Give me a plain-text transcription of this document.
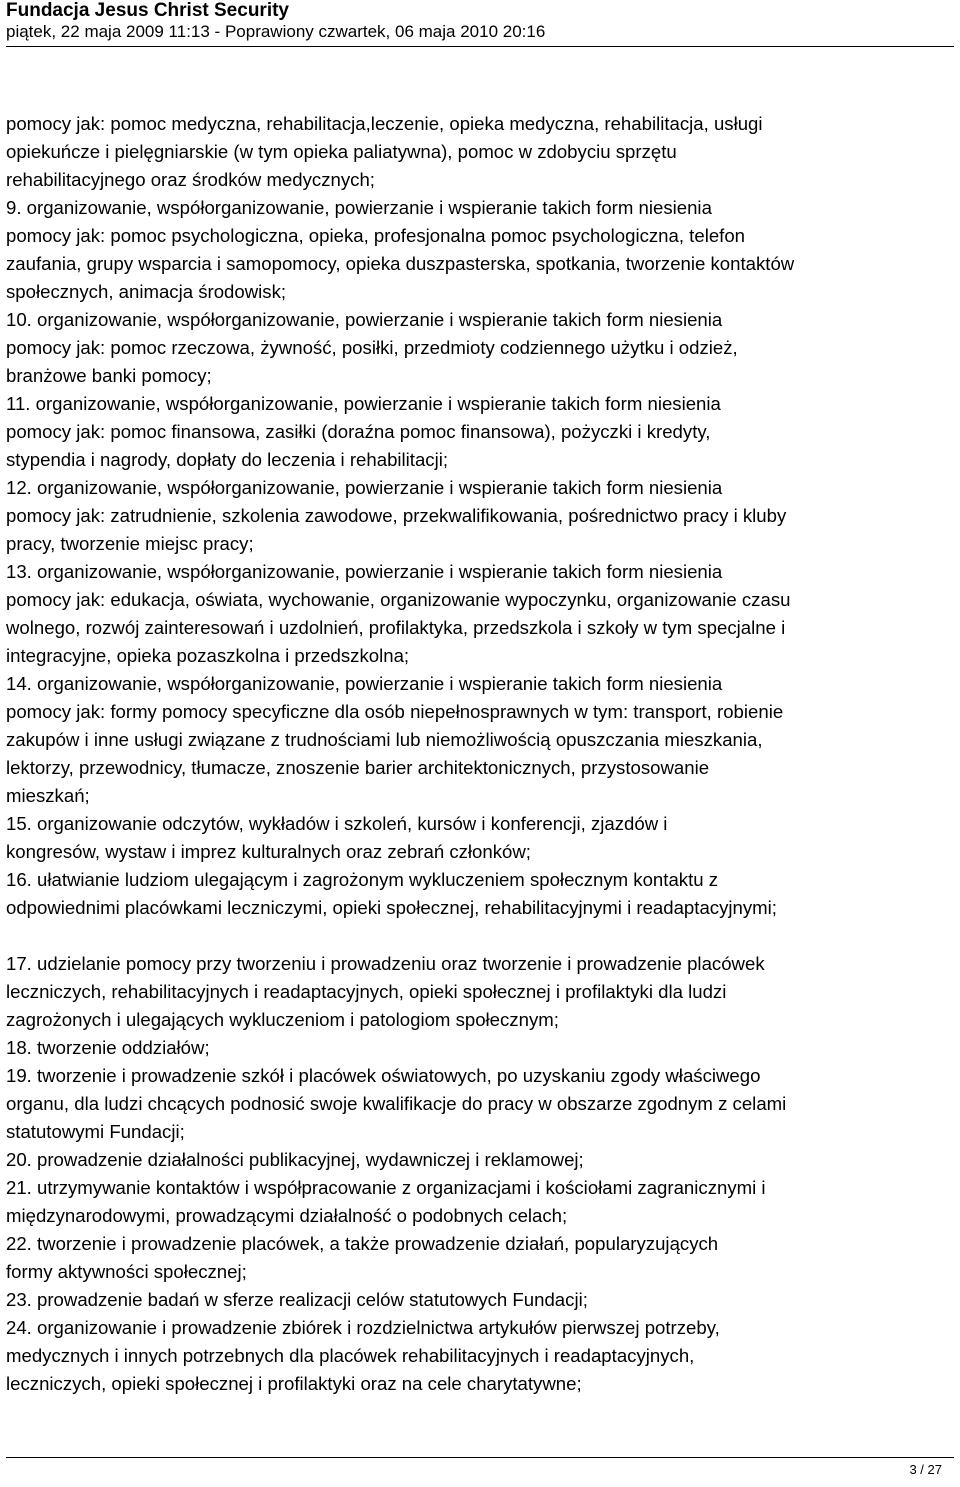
Fundacja Jesus Christ Security
piątek, 22 maja 2009 11:13 - Poprawiony czwartek, 06 maja 2010 20:16
pomocy jak: pomoc medyczna, rehabilitacja,leczenie, opieka medyczna, rehabilitacja, usługi
opiekuńcze i pielęgniarskie (w tym opieka paliatywna), pomoc w zdobyciu sprzętu
rehabilitacyjnego oraz środków medycznych;
9. organizowanie, współorganizowanie, powierzanie i wspieranie takich form niesienia
pomocy jak: pomoc psychologiczna, opieka, profesjonalna pomoc psychologiczna, telefon
zaufania, grupy wsparcia i samopomocy, opieka duszpasterska, spotkania, tworzenie kontaktów
społecznych, animacja środowisk;
10. organizowanie, współorganizowanie, powierzanie i wspieranie takich form niesienia
pomocy jak: pomoc rzeczowa, żywność, posiłki, przedmioty codziennego użytku i odzież,
branżowe banki pomocy;
11. organizowanie, współorganizowanie, powierzanie i wspieranie takich form niesienia
pomocy jak: pomoc finansowa, zasiłki (doraźna pomoc finansowa), pożyczki i kredyty,
stypendia i nagrody, dopłaty do leczenia i rehabilitacji;
12. organizowanie, współorganizowanie, powierzanie i wspieranie takich form niesienia
pomocy jak: zatrudnienie, szkolenia zawodowe, przekwalifikowania, pośrednictwo pracy i kluby
pracy, tworzenie miejsc pracy;
13. organizowanie, współorganizowanie, powierzanie i wspieranie takich form niesienia
pomocy jak: edukacja, oświata, wychowanie, organizowanie wypoczynku, organizowanie czasu
wolnego, rozwój zainteresowań i uzdolnień, profilaktyka, przedszkola i szkoły w tym specjalne i
integracyjne, opieka pozaszkolna i przedszkolna;
14. organizowanie, współorganizowanie, powierzanie i wspieranie takich form niesienia
pomocy jak: formy pomocy specyficzne dla osób niepełnosprawnych w tym: transport, robienie
zakupów i inne usługi związane z trudnościami lub niemożliwością opuszczania mieszkania,
lektorzy, przewodnicy, tłumacze, znoszenie barier architektonicznych, przystosowanie
mieszkań;
15. organizowanie odczytów, wykładów i szkoleń, kursów i konferencji, zjazdów i
kongresów, wystaw i imprez kulturalnych oraz zebrań członków;
16. ułatwianie ludziom ulegającym i zagrożonym wykluczeniem społecznym kontaktu z
odpowiednimi placówkami leczniczymi, opieki społecznej, rehabilitacyjnymi i readaptacyjnymi;
17. udzielanie pomocy przy tworzeniu i prowadzeniu oraz tworzenie i prowadzenie placówek
leczniczych, rehabilitacyjnych i readaptacyjnych, opieki społecznej i profilaktyki dla ludzi
zagrożonych i ulegających wykluczeniom i patologiom społecznym;
18. tworzenie oddziałów;
19. tworzenie i prowadzenie szkół i placówek oświatowych, po uzyskaniu zgody właściwego
organu, dla ludzi chcących podnosić swoje kwalifikacje do pracy w obszarze zgodnym z celami
statutowymi Fundacji;
20. prowadzenie działalności publikacyjnej, wydawniczej i reklamowej;
21. utrzymywanie kontaktów i współpracowanie z organizacjami i kościołami zagranicznymi i
międzynarodowymi, prowadzącymi działalność o podobnych celach;
22. tworzenie i prowadzenie placówek, a także prowadzenie działań, popularyzujących
formy aktywności społecznej;
23. prowadzenie badań w sferze realizacji celów statutowych Fundacji;
24. organizowanie i prowadzenie zbiórek i rozdzielnictwa artykułów pierwszej potrzeby,
medycznych i innych potrzebnych dla placówek rehabilitacyjnych i readaptacyjnych,
leczniczych, opieki społecznej i profilaktyki oraz na cele charytatywne;
3 / 27
